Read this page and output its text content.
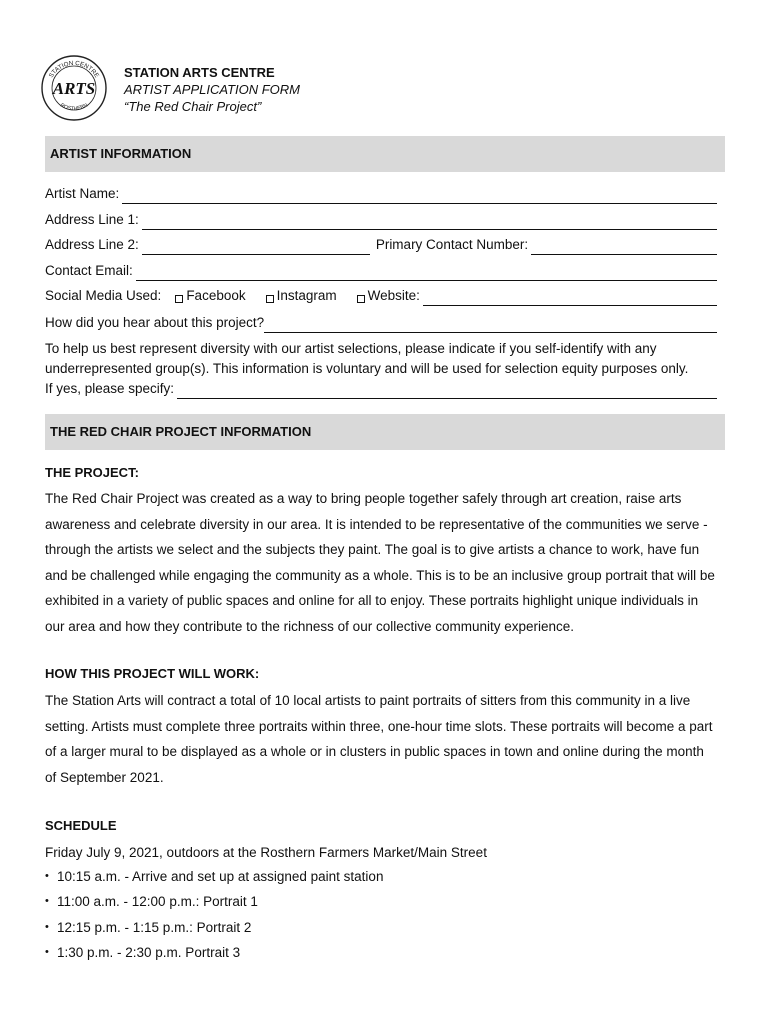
STATION CENTRE
ROSTHERN
ARTS
STATION ARTS CENTRE
ARTIST APPLICATION FORM
“The Red Chair Project”
ARTIST INFORMATION
Artist Name:
Address Line 1:
Address Line 2:	Primary Contact Number:
Contact Email:
Social Media Used: Facebook Instagram Website:
How did you hear about this project?
To help us best represent diversity with our artist selections, please indicate if you self-identify with any underrepresented group(s). This information is voluntary and will be used for selection equity purposes only.
If yes, please specify:
THE RED CHAIR PROJECT INFORMATION
THE PROJECT:
The Red Chair Project was created as a way to bring people together safely through art creation, raise arts awareness and celebrate diversity in our area. It is intended to be representative of the communities we serve - through the artists we select and the subjects they paint. The goal is to give artists a chance to work, have fun and be challenged while engaging the community as a whole. This is to be an inclusive group portrait that will be exhibited in a variety of public spaces and online for all to enjoy. These portraits highlight unique individuals in our area and how they contribute to the richness of our collective community experience.
HOW THIS PROJECT WILL WORK:
The Station Arts will contract a total of 10 local artists to paint portraits of sitters from this community in a live setting. Artists must complete three portraits within three, one-hour time slots. These portraits will become a part of a larger mural to be displayed as a whole or in clusters in public spaces in town and online during the month of September 2021.
SCHEDULE
Friday July 9, 2021, outdoors at the Rosthern Farmers Market/Main Street
• 10:15 a.m. - Arrive and set up at assigned paint station
• 11:00 a.m. - 12:00 p.m.: Portrait 1
• 12:15 p.m. - 1:15 p.m.: Portrait 2
• 1:30 p.m. - 2:30 p.m. Portrait 3
